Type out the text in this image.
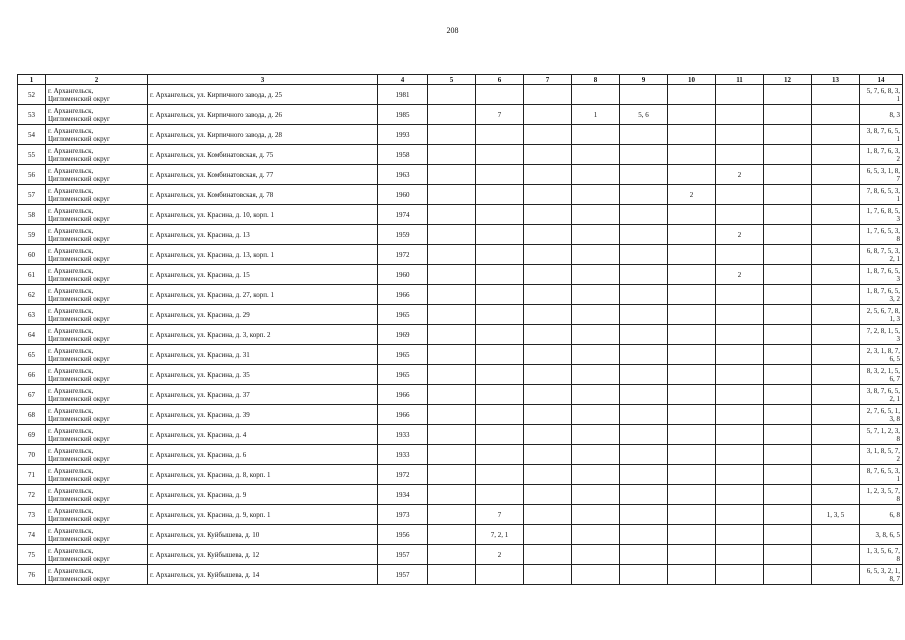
208
1	2	3	4	5	6	7	8	9	10	11	12	13	14
52	г. Архангельск,
Цигломенский округ	г. Архангельск, ул. Кирпичного завода, д. 25	1981										5, 7, 6, 8, 3, 1
53	г. Архангельск,
Цигломенский округ	г. Архангельск, ул. Кирпичного завода, д. 26	1985		7		1	5, 6					8, 3
54	г. Архангельск,
Цигломенский округ	г. Архангельск, ул. Кирпичного завода, д. 28	1993										3, 8, 7, 6, 5, 1
55	г. Архангельск,
Цигломенский округ	г. Архангельск, ул. Комбинатовская, д. 75	1958										1, 8, 7, 6, 3, 2
56	г. Архангельск,
Цигломенский округ	г. Архангельск, ул. Комбинатовская, д. 77	1963							2			6, 5, 3, 1, 8, 7
57	г. Архангельск,
Цигломенский округ	г. Архангельск, ул. Комбинатовская, д. 78	1960						2				7, 8, 6, 5, 3, 1
58	г. Архангельск,
Цигломенский округ	г. Архангельск, ул. Красина, д. 10, корп. 1	1974										1, 7, 6, 8, 5, 3
59	г. Архангельск,
Цигломенский округ	г. Архангельск, ул. Красина, д. 13	1959							2			1, 7, 6, 5, 3, 8
60	г. Архангельск,
Цигломенский округ	г. Архангельск, ул. Красина, д. 13, корп. 1	1972										6, 8, 7, 5, 3, 2, 1
61	г. Архангельск,
Цигломенский округ	г. Архангельск, ул. Красина, д. 15	1960							2			1, 8, 7, 6, 5, 3
62	г. Архангельск,
Цигломенский округ	г. Архангельск, ул. Красина, д. 27, корп. 1	1966										1, 8, 7, 6, 5, 3, 2
63	г. Архангельск,
Цигломенский округ	г. Архангельск, ул. Красина, д. 29	1965										2, 5, 6, 7, 8, 1, 3
64	г. Архангельск,
Цигломенский округ	г. Архангельск, ул. Красина, д. 3, корп. 2	1969										7, 2, 8, 1, 5, 3
65	г. Архангельск,
Цигломенский округ	г. Архангельск, ул. Красина, д. 31	1965										2, 3, 1, 8, 7, 6, 5
66	г. Архангельск,
Цигломенский округ	г. Архангельск, ул. Красина, д. 35	1965										8, 3, 2, 1, 5, 6, 7
67	г. Архангельск,
Цигломенский округ	г. Архангельск, ул. Красина, д. 37	1966										3, 8, 7, 6, 5, 2, 1
68	г. Архангельск,
Цигломенский округ	г. Архангельск, ул. Красина, д. 39	1966										2, 7, 6, 5, 1, 3, 8
69	г. Архангельск,
Цигломенский округ	г. Архангельск, ул. Красина, д. 4	1933										5, 7, 1, 2, 3, 8
70	г. Архангельск,
Цигломенский округ	г. Архангельск, ул. Красина, д. 6	1933										3, 1, 8, 5, 7, 2
71	г. Архангельск,
Цигломенский округ	г. Архангельск, ул. Красина, д. 8, корп. 1	1972										8, 7, 6, 5, 3, 1
72	г. Архангельск,
Цигломенский округ	г. Архангельск, ул. Красина, д. 9	1934										1, 2, 3, 5, 7, 8
73	г. Архангельск,
Цигломенский округ	г. Архангельск, ул. Красина, д. 9, корп. 1	1973		7							1, 3, 5	6, 8
74	г. Архангельск,
Цигломенский округ	г. Архангельск, ул. Куйбышева, д. 10	1956		7, 2, 1								3, 8, 6, 5
75	г. Архангельск,
Цигломенский округ	г. Архангельск, ул. Куйбышева, д. 12	1957		2								1, 3, 5, 6, 7, 8
76	г. Архангельск,
Цигломенский округ	г. Архангельск, ул. Куйбышева, д. 14	1957										6, 5, 3, 2, 1, 8, 7
